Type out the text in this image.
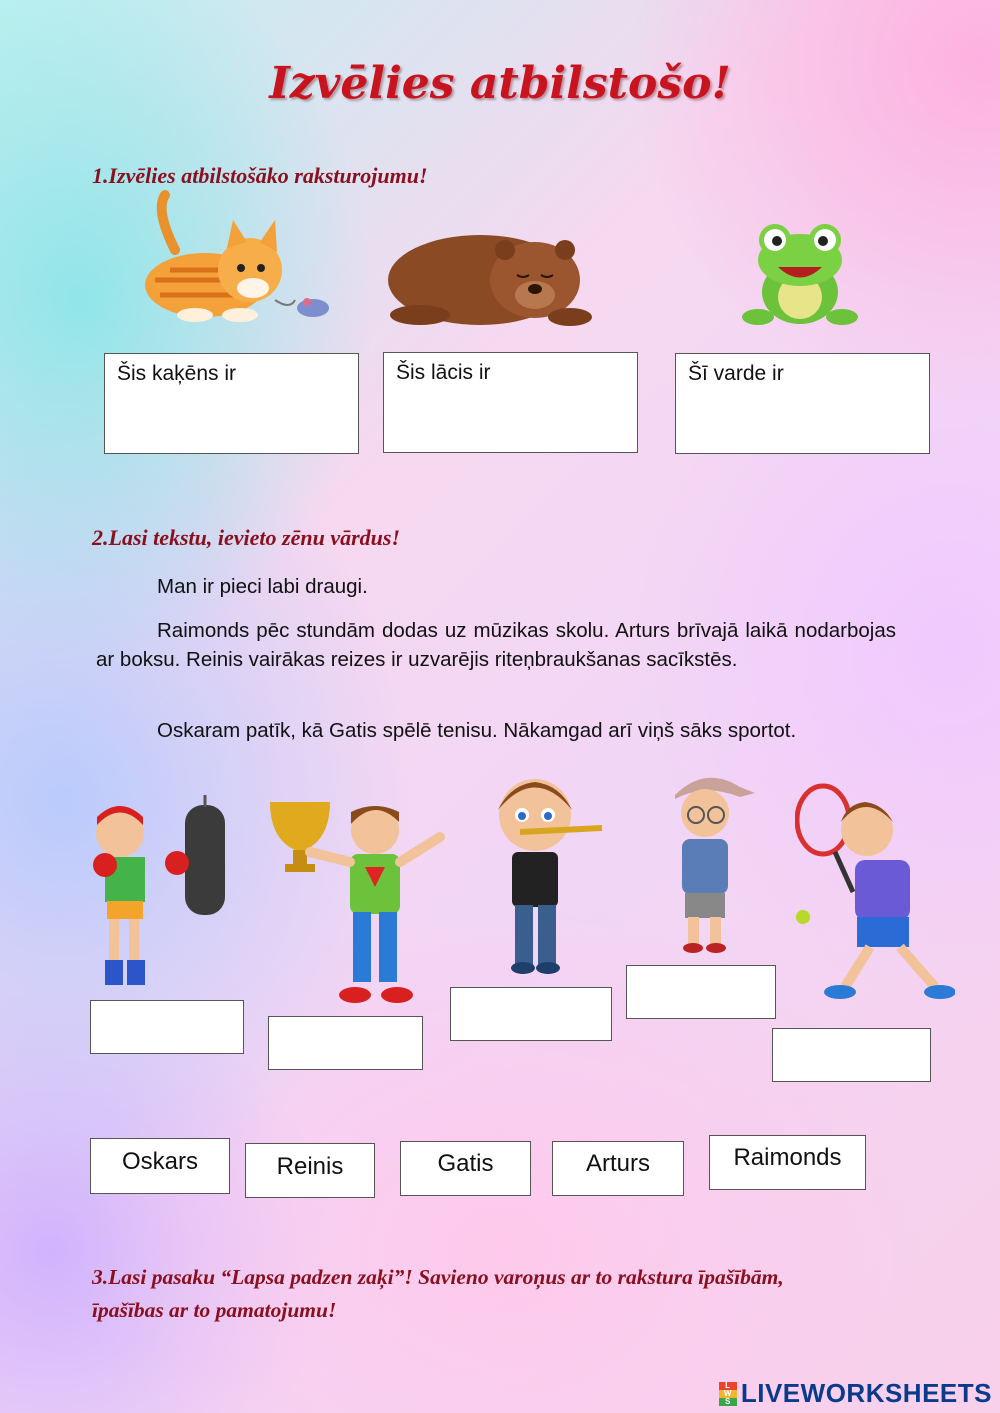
Izvēlies atbilstošo!
1.Izvēlies atbilstošāko raksturojumu!
Šis kaķēns ir	Šis lācis ir	Šī varde ir
2.Lasi tekstu, ievieto zēnu vārdus!
Man ir pieci labi draugi.
Raimonds pēc stundām dodas uz mūzikas skolu. Arturs brīvajā laikā nodarbojas ar boksu. Reinis vairākas reizes ir uzvarējis riteņbraukšanas sacīkstēs.
Oskaram patīk, kā Gatis spēlē tenisu. Nākamgad arī viņš sāks sportot.
Oskars	Reinis	Gatis	Arturs	Raimonds
3.Lasi pasaku “Lapsa padzen zaķi”! Savieno varoņus ar to rakstura īpašībām,
īpašības ar to pamatojumu!
L
W
S LIVEWORKSHEETS
